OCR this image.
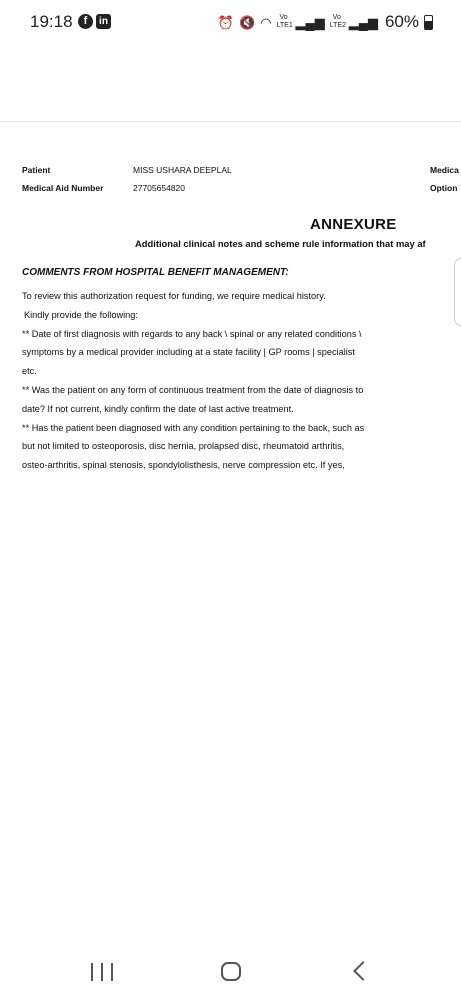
19:18	f	in	⏰ 🔇 ◠	Vo LTE1 ▂▄▆	Vo LTE2 ▂▄▆ 60%
Patient	MISS USHARA DEEPLAL	Medica
Medical Aid Number	27705654820	Option
ANNEXURE
Additional clinical notes and scheme rule information that may af
COMMENTS FROM HOSPITAL BENEFIT MANAGEMENT:
To review this authorization request for funding, we require medical history.
Kindly provide the following:
** Date of first diagnosis with regards to any back \ spinal or any related conditions \
symptoms by a medical provider including at a state facility | GP rooms | specialist
etc.
** Was the patient on any form of continuous treatment from the date of diagnosis to
date? If not current, kindly confirm the date of last active treatment.
** Has the patient been diagnosed with any condition pertaining to the back, such as
but not limited to osteoporosis, disc hernia, prolapsed disc, rheumatoid arthritis,
osteo-arthritis, spinal stenosis, spondylolisthesis, nerve compression etc. If yes,
